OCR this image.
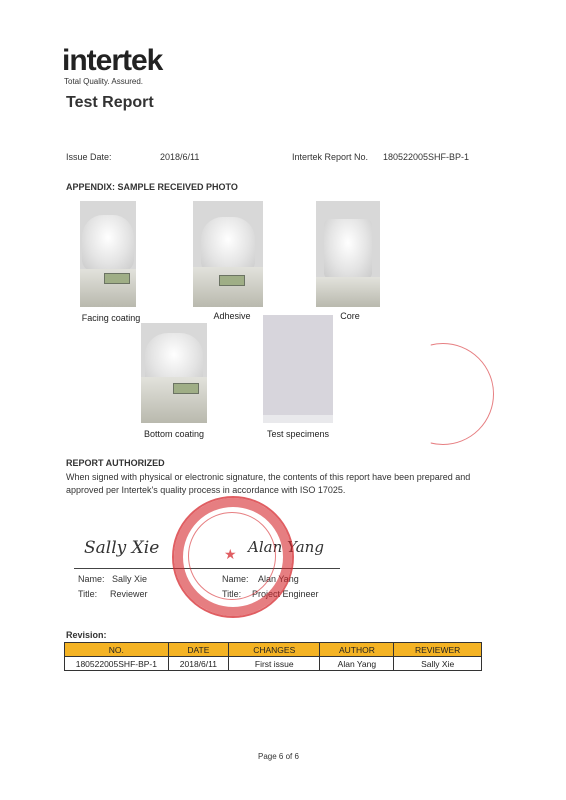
intertek
Total Quality. Assured.
Test Report
Issue Date:	2018/6/11	Intertek Report No. 180522005SHF-BP-1
APPENDIX: SAMPLE RECEIVED PHOTO
Facing coating	Adhesive	Core
Bottom coating	Test specimens
REPORT AUTHORIZED
When signed with physical or electronic signature, the contents of this report have been prepared and
approved per Intertek's quality process in accordance with ISO 17025.
Sally Xie	Alan Yang
Name: Sally Xie
Title: Reviewer
Name: Alan Yang
Title: Project Engineer
★
Revision:
NO.	DATE	CHANGES	AUTHOR	REVIEWER
180522005SHF-BP-1	2018/6/11	First issue	Alan Yang	Sally Xie
Page 6 of 6
